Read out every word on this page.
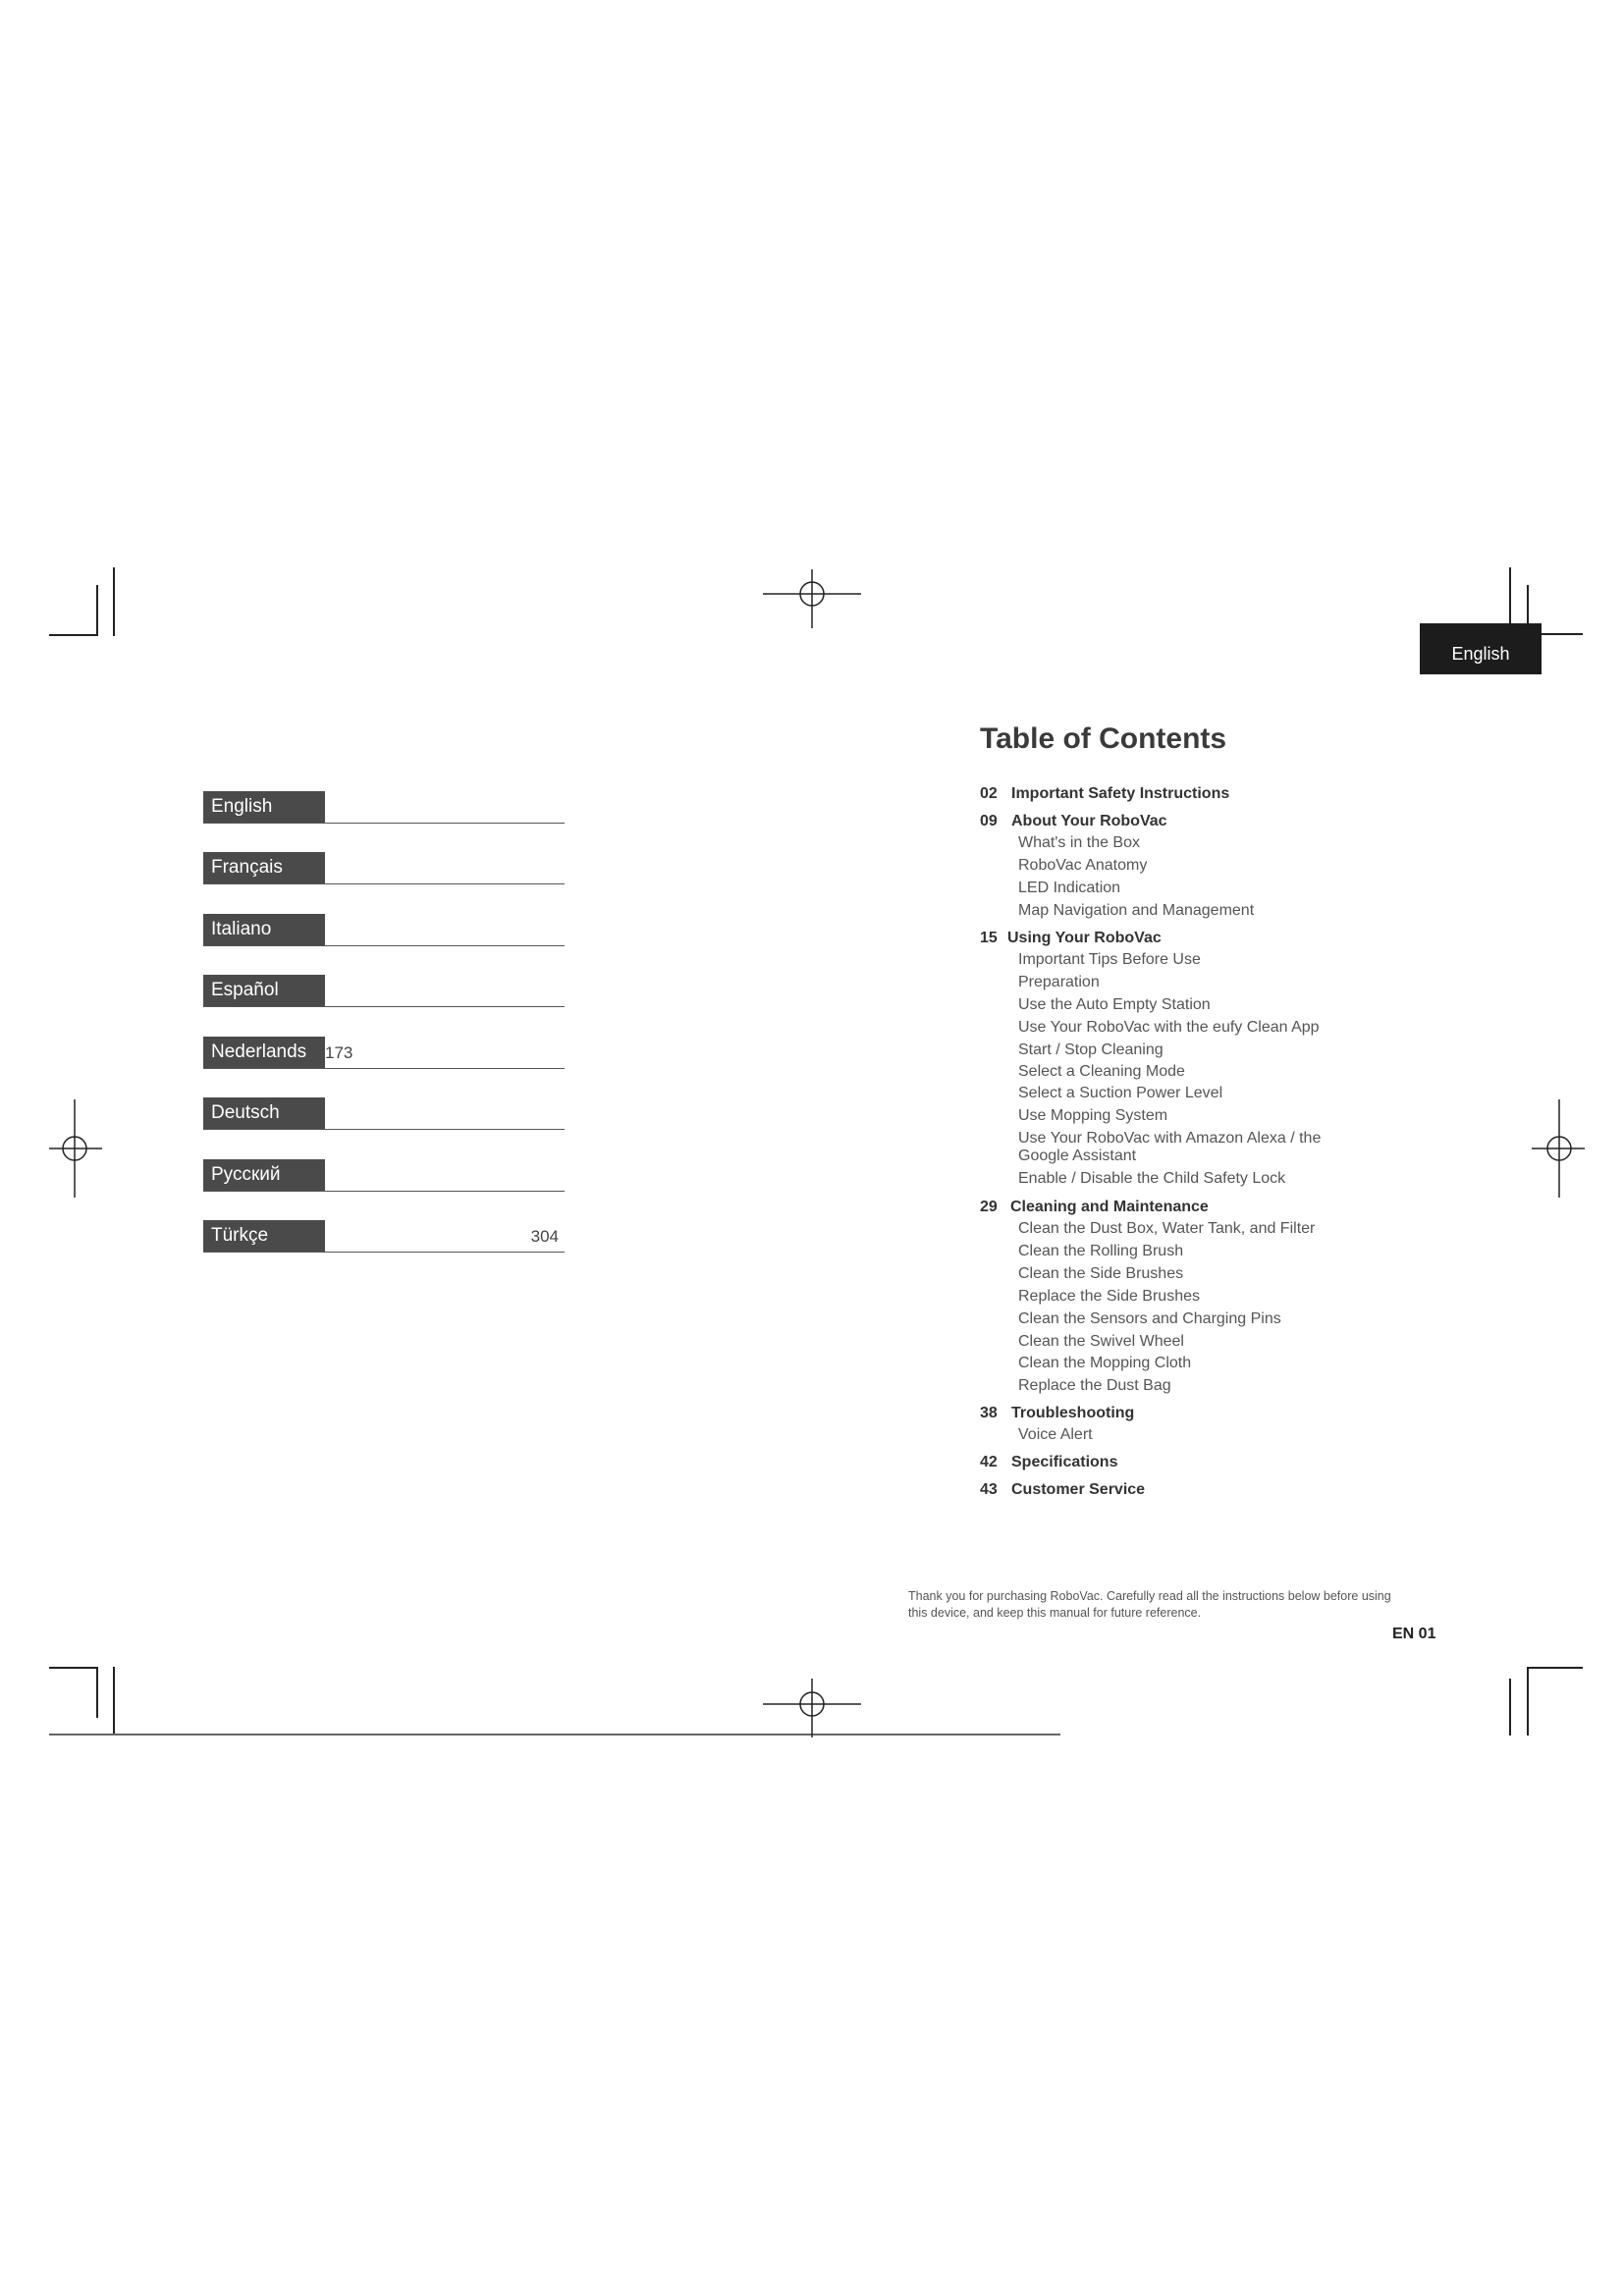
English
Français
Italiano
Español
Nederlands	173
Deutsch
Русский
Türkçe	304
English
Table of Contents
02 Important Safety Instructions
09 About Your RoboVac
What's in the Box
RoboVac Anatomy
LED Indication
Map Navigation and Management
15 Using Your RoboVac
Important Tips Before Use
Preparation
Use the Auto Empty Station
Use Your RoboVac with the eufy Clean App
Start / Stop Cleaning
Select a Cleaning Mode
Select a Suction Power Level
Use Mopping System
Use Your RoboVac with Amazon Alexa / the
Google Assistant
Enable / Disable the Child Safety Lock
29 Cleaning and Maintenance
Clean the Dust Box, Water Tank, and Filter
Clean the Rolling Brush
Clean the Side Brushes
Replace the Side Brushes
Clean the Sensors and Charging Pins
Clean the Swivel Wheel
Clean the Mopping Cloth
Replace the Dust Bag
38 Troubleshooting
Voice Alert
42 Specifications
43 Customer Service
Thank you for purchasing RoboVac. Carefully read all the instructions below before using
this device, and keep this manual for future reference.
EN 01
